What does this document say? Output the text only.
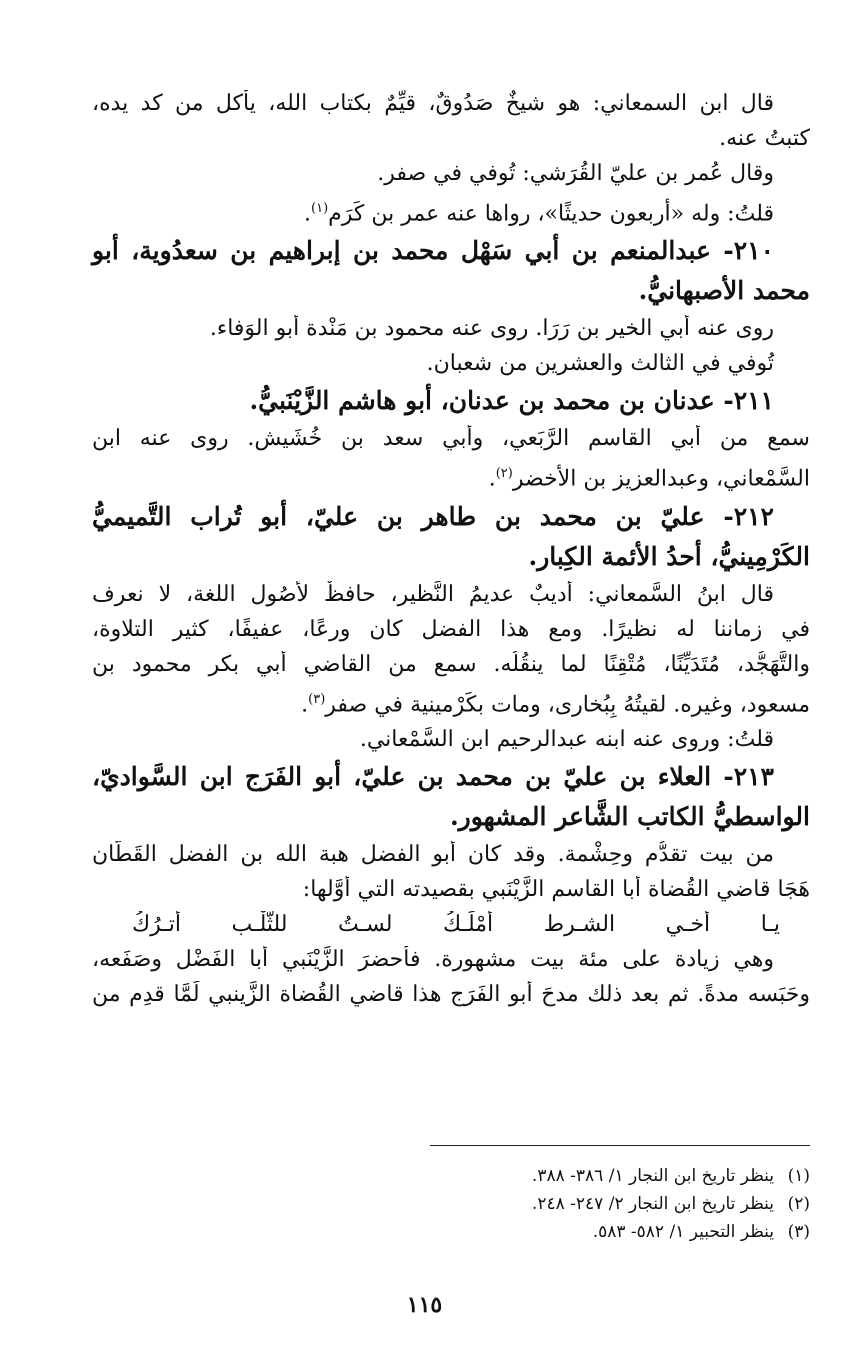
قال ابن السمعاني: هو شيخٌ صَدُوقٌ، قيِّمٌ بكتاب الله، يأكل من كد يده،
كتبتُ عنه.
وقال عُمر بن عليّ القُرَشي: تُوفي في صفر.
قلتُ: وله «أربعون حديثًا»، رواها عنه عمر بن كَرَم$^{(١)}$.
٢١٠- عبدالمنعم بن أبي سَهْل محمد بن إبراهيم بن سعدُوية، أبو
محمد الأصبهانيُّ.
روى عنه أبي الخير بن رَرَا. روى عنه محمود بن مَنْدة أبو الوَفاء.
تُوفي في الثالث والعشرين من شعبان.
٢١١- عدنان بن محمد بن عدنان، أبو هاشم الزَّيْنَبيُّ.
سمع من أبي القاسم الرَّبَعي، وأبي سعد بن خُشَيش. روى عنه ابن
السَّمْعاني، وعبدالعزيز بن الأخضر$^{(٢)}$.
٢١٢- عليّ بن محمد بن طاهر بن عليّ، أبو تُراب التَّميميُّ
الكَرْمِينيُّ، أحدُ الأئمة الكِبار.
قال ابنُ السَّمعاني: أديبٌ عديمُ النَّظير، حافظٌ لأُصُول اللغة، لا نعرف
في زماننا له نظيرًا. ومع هذا الفضل كان ورعًا، عفيفًا، كثير التلاوة،
والتَّهَجُّد، مُتَدَيِّنًا، مُتْقِنًا لما ينقُلُه. سمع من القاضي أبي بكر محمود بن
مسعود، وغيره. لقيتُهُ بِبُخارى، ومات بكَرْمينية في صفر$^{(٣)}$.
قلتُ: وروى عنه ابنه عبدالرحيم ابن السَّمْعاني.
٢١٣- العلاء بن عليّ بن محمد بن عليّ، أبو الفَرَج ابن السَّواديّ،
الواسطيُّ الكاتب الشَّاعر المشهور.
من بيت تقدُّم وحِشْمة. وقد كان أبو الفضل هبة الله بن الفضل القَطَّان
هَجَا قاضي القُضاة أبا القاسم الزَّيْنَبي بقصيدته التي أوَّلها:
يـا أخـي الشـرط أَمْلَـكُ لسـتُ للثَّلْـب أتـرُكُ
وهي زيادة على مئة بيت مشهورة. فأحضرَ الزَّيْنَبي أبا الفَضْل وصَفَعه،
وحَبَسه مدةً. ثم بعد ذلك مدحَ أبو الفَرَج هذا قاضي القُضاة الزَّينبي لَمَّا قدِم من
(١)ينظر تاريخ ابن النجار ١/ ٣٨٦- ٣٨٨.
(٢)ينظر تاريخ ابن النجار ٢/ ٢٤٧- ٢٤٨.
(٣)ينظر التحبير ١/ ٥٨٢- ٥٨٣.
١١٥
